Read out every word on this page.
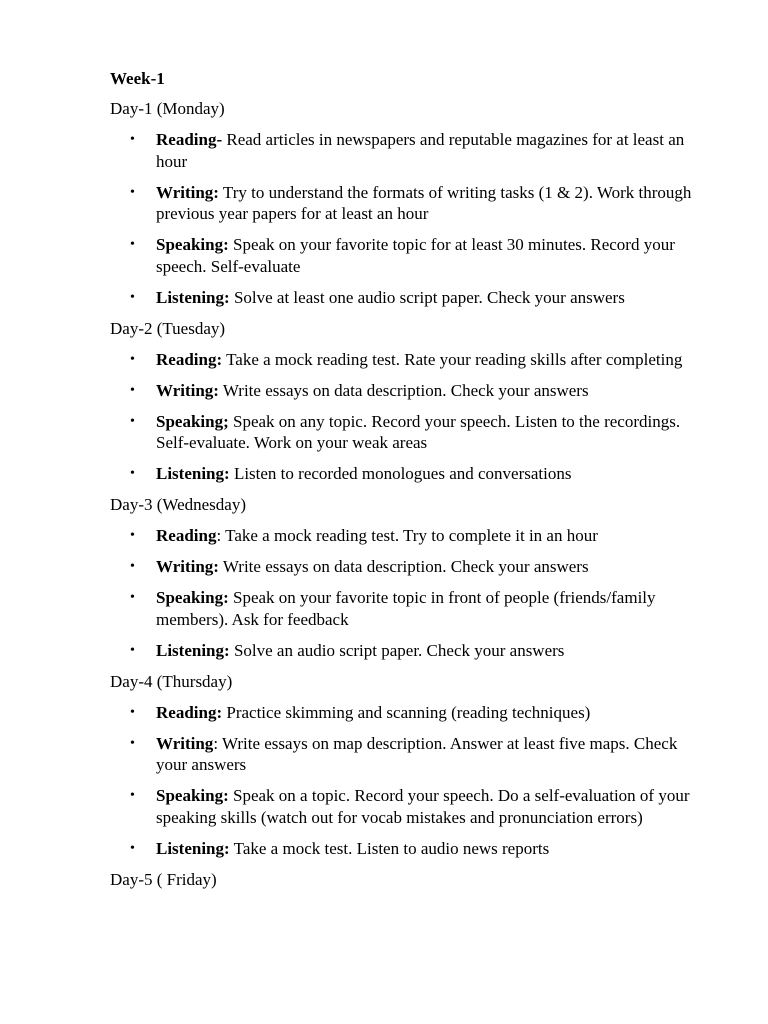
Week-1
Day-1 (Monday)
• Reading- Read articles in newspapers and reputable magazines for at least an hour
• Writing: Try to understand the formats of writing tasks (1 & 2). Work through previous year papers for at least an hour
• Speaking: Speak on your favorite topic for at least 30 minutes. Record your speech. Self-evaluate
• Listening: Solve at least one audio script paper. Check your answers
Day-2 (Tuesday)
• Reading: Take a mock reading test. Rate your reading skills after completing
• Writing: Write essays on data description. Check your answers
• Speaking; Speak on any topic. Record your speech. Listen to the recordings. Self-evaluate. Work on your weak areas
• Listening: Listen to recorded monologues and conversations
Day-3 (Wednesday)
• Reading: Take a mock reading test. Try to complete it in an hour
• Writing: Write essays on data description. Check your answers
• Speaking: Speak on your favorite topic in front of people (friends/family members). Ask for feedback
• Listening: Solve an audio script paper. Check your answers
Day-4 (Thursday)
• Reading: Practice skimming and scanning (reading techniques)
• Writing: Write essays on map description. Answer at least five maps. Check your answers
• Speaking: Speak on a topic. Record your speech. Do a self-evaluation of your speaking skills (watch out for vocab mistakes and pronunciation errors)
• Listening: Take a mock test. Listen to audio news reports
Day-5 ( Friday)
